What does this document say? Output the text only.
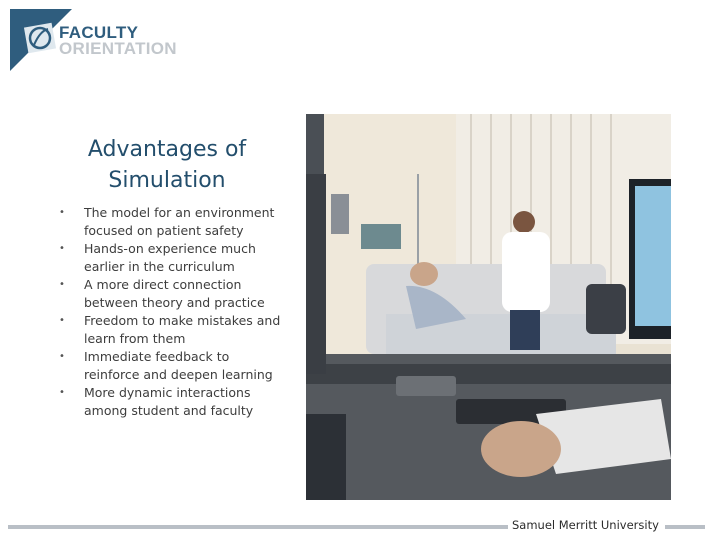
FACULTY
ORIENTATION
Advantages of Simulation
• The model for an environment focused on patient safety
• Hands-on experience much earlier in the curriculum
• A more direct connection between theory and practice
• Freedom to make mistakes and learn from them
• Immediate feedback to reinforce and deepen learning
• More dynamic interactions among student and faculty
Samuel Merritt University
